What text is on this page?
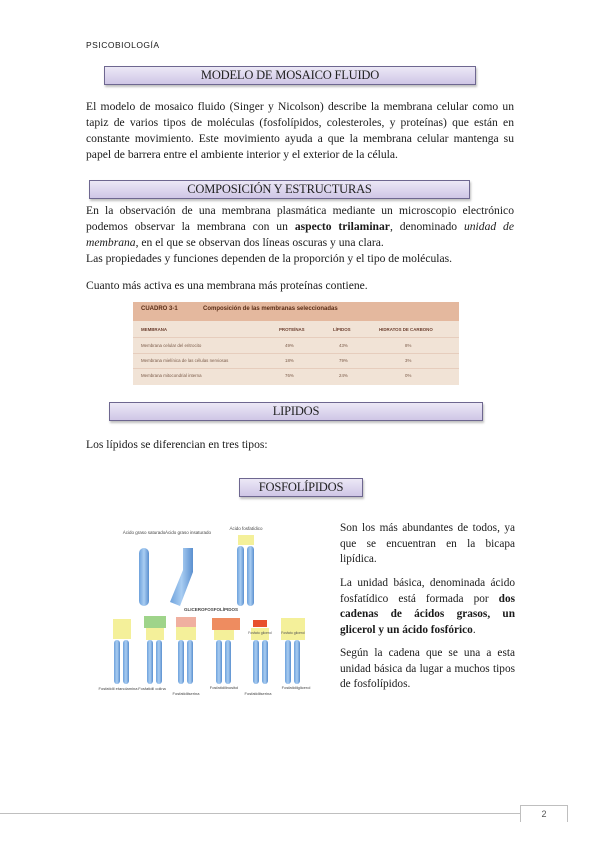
PSICOBIOLOGÍA
MODELO DE MOSAICO FLUIDO
El modelo de mosaico fluido (Singer y Nicolson) describe la membrana celular como un tapiz de varios tipos de moléculas (fosfolípidos, colesteroles, y proteínas) que están en constante movimiento. Este movimiento ayuda a que la membrana celular mantenga su papel de barrera entre el ambiente interior y el exterior de la célula.
COMPOSICIÓN Y ESTRUCTURAS
En la observación de una membrana plasmática mediante un microscopio electrónico podemos observar la membrana con un aspecto trilaminar, denominado unidad de membrana, en el que se observan dos líneas oscuras y una clara.
Las propiedades y funciones dependen de la proporción y el tipo de moléculas.
Cuanto más activa es una membrana más proteínas contiene.
CUADRO 3-1	Composición de las membranas seleccionadas
MEMBRANA	PROTEÍNAS	LÍPIDOS	HIDRATOS DE CARBONO
Membrana celular del eritrocito	49%	43%	8%
Membrana mielínica de las células nerviosas	18%	79%	3%
Membrana mitocondrial interna	76%	24%	0%
LIPIDOS
Los lípidos se diferencian en tres tipos:
FOSFOLÍPIDOS
Ácido graso saturado Ácido graso insaturado
Ácido fosfatídico
GLICEROFOSFOLÍPIDOS
Fosfatidil etanolamina Fosfatidil colina
Fosfatidilserina
Fosfatidilinositol
Fosfato glicerol
Fosfatidilserina
Fosfato glicerol
Fosfatidilglicerol
Son los más abundantes de todos, ya que se encuentran en la bicapa lipídica.
La unidad básica, denominada ácido fosfatídico está formada por dos cadenas de ácidos grasos, un glicerol y un ácido fosfórico.
Según la cadena que se una a esta unidad básica da lugar a muchos tipos de fosfolípidos.
2
